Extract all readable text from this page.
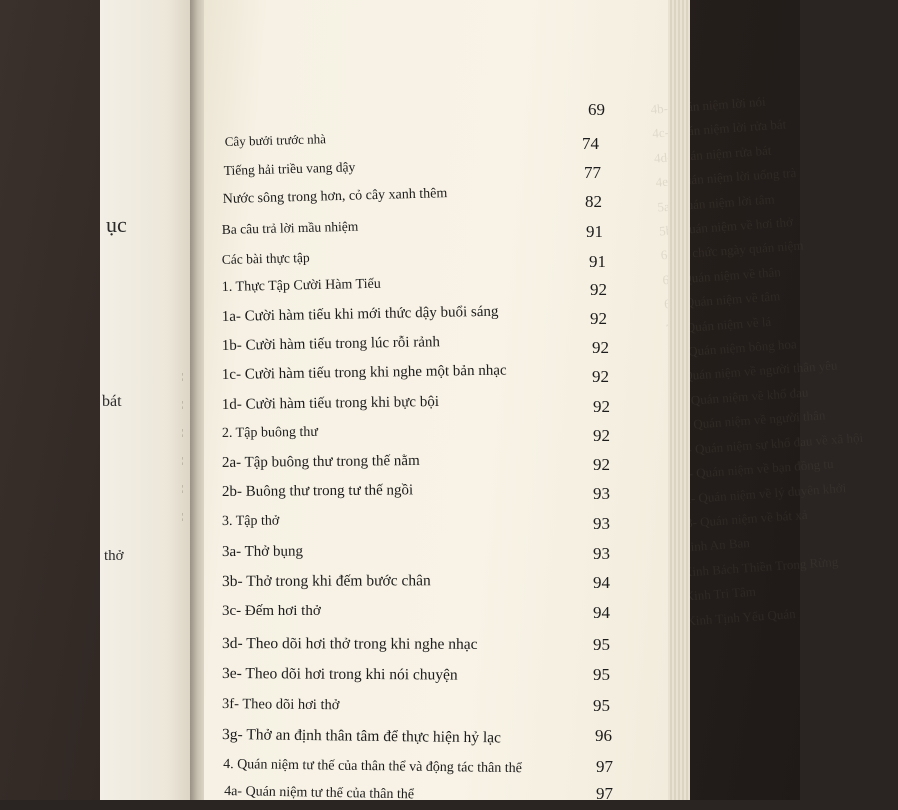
ục
bát
thở
¦
¦
¦
¦
¦
¦
6-
thân yêu
thân
đau về xã hội
đồng tu
duyên khởi
xả
Rừng
69
Cây bưởi trước nhà	74
Tiếng hải triều vang dậy	77
Nước sông trong hơn, cỏ cây xanh thêm	82
Ba câu trả lời mầu nhiệm	91
Các bài thực tập	91
1. Thực Tập Cười Hàm Tiếu	92
1a- Cười hàm tiếu khi mới thức dậy buổi sáng	92
1b- Cười hàm tiếu trong lúc rỗi rảnh	92
1c- Cười hàm tiếu trong khi nghe một bản nhạc	92
1d- Cười hàm tiếu trong khi bực bội	92
2. Tập buông thư	92
2a- Tập buông thư trong thế nằm	92
2b- Buông thư trong tư thế ngồi	93
3. Tập thở	93
3a- Thở bụng	93
3b- Thở trong khi đếm bước chân	94
3c- Đếm hơi thở	94
3d- Theo dõi hơi thở trong khi nghe nhạc	95
3e- Theo dõi hơi trong khi nói chuyện	95
3f- Theo dõi hơi thở	95
3g- Thở an định thân tâm để thực hiện hỷ lạc	96
4. Quán niệm tư thế của thân thể và động tác thân thể	97
4a- Quán niệm tư thế của thân thể	97
